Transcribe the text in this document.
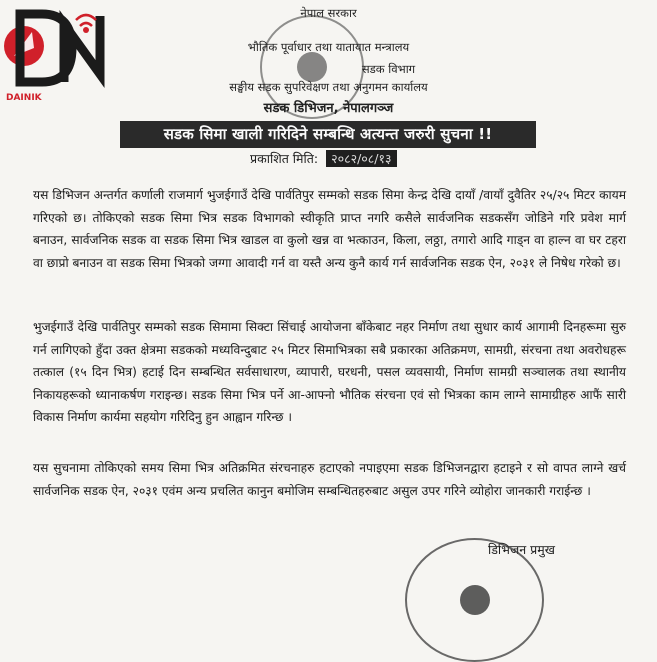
DAINIK
नेपाल सरकार
भौतिक पूर्वाधार तथा यातायात मन्त्रालय
सडक विभाग
सङ्घीय सडक सुपरिवेक्षण तथा अनुगमन कार्यालय
सडक डिभिजन, नेपालगञ्ज
सडक सिमा खाली गरिदिने सम्बन्धि अत्यन्त जरुरी सुचना !!
प्रकाशित मिति: २०८२/०८/१३
यस डिभिजन अन्तर्गत कर्णाली राजमार्ग भुजईगाउँ देखि पार्वतिपुर सम्मको सडक सिमा केन्द्र देखि दायाँ /वायाँ दुवैतिर २५/२५ मिटर कायम गरिएको छ। तोकिएको सडक सिमा भित्र सडक विभागको स्वीकृति प्राप्त नगरि कसैले सार्वजनिक सडकसँग जोडिने गरि प्रवेश मार्ग बनाउन, सार्वजनिक सडक वा सडक सिमा भित्र खाडल वा कुलो खन्न वा भत्काउन, किला, लठ्ठा, तगारो आदि गाड्न वा हाल्न वा घर टहरा वा छाप्रो बनाउन वा सडक सिमा भित्रको जग्गा आवादी गर्न वा यस्तै अन्य कुनै कार्य गर्न सार्वजनिक सडक ऐन, २०३१ ले निषेध गरेको छ।
भुजईगाउँ देखि पार्वतिपुर सम्मको सडक सिमामा सिक्टा सिंचाई आयोजना बाँकेबाट नहर निर्माण तथा सुधार कार्य आगामी दिनहरूमा सुरु गर्न लागिएको हुँदा उक्त क्षेत्रमा सडकको मध्यविन्दुबाट २५ मिटर सिमाभित्रका सबै प्रकारका अतिक्रमण, सामग्री, संरचना तथा अवरोधहरू तत्काल (१५ दिन भित्र) हटाई दिन सम्बन्धित सर्वसाधारण, व्यापारी, घरधनी, पसल व्यवसायी, निर्माण सामग्री सञ्चालक तथा स्थानीय निकायहरूको ध्यानाकर्षण गराइन्छ। सडक सिमा भित्र पर्ने आ-आफ्नो भौतिक संरचना एवं सो भित्रका काम लाग्ने सामाग्रीहरु आफैं सारी विकास निर्माण कार्यमा सहयोग गरिदिनु हुन आह्वान गरिन्छ ।
यस सुचनामा तोकिएको समय सिमा भित्र अतिक्रमित संरचनाहरु हटाएको नपाइएमा सडक डिभिजनद्वारा हटाइने र सो वापत लाग्ने खर्च सार्वजनिक सडक ऐन, २०३१ एवंम अन्य प्रचलित कानुन बमोजिम सम्बन्धितहरुबाट असुल उपर गरिने व्योहोरा जानकारी गराईन्छ ।
डिभिजन प्रमुख
